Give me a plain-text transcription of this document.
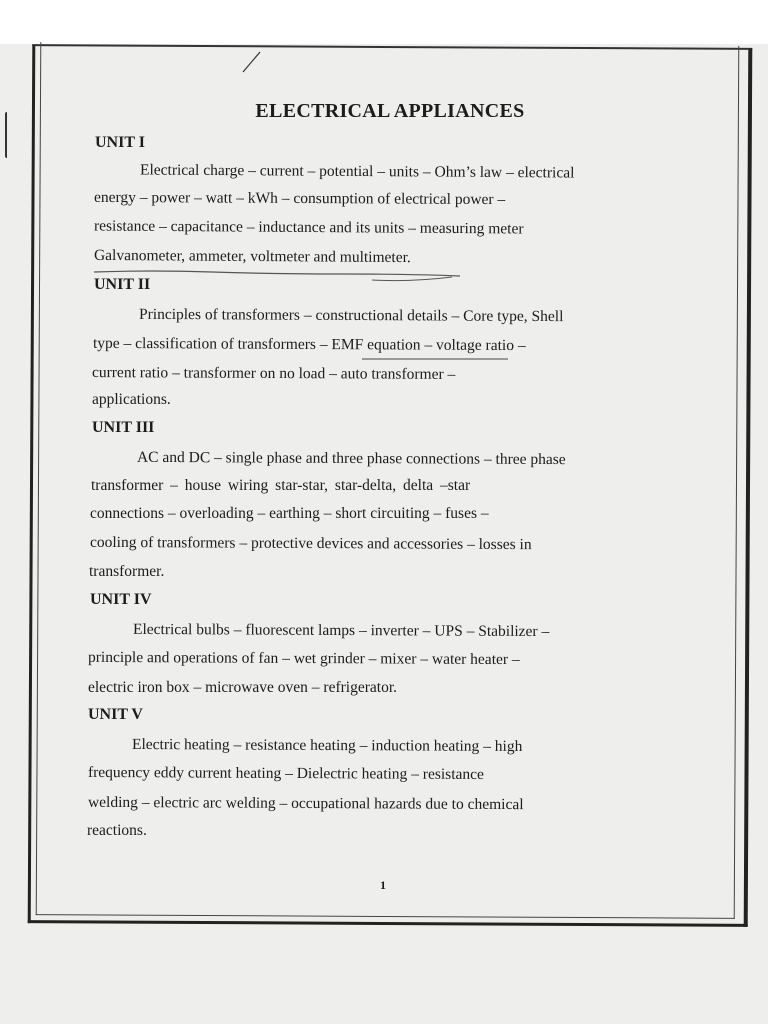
ELECTRICAL APPLIANCES
UNIT I
Electrical charge – current – potential – units – Ohm’s law – electrical
energy – power – watt – kWh – consumption of electrical power –
resistance – capacitance – inductance and its units – measuring meter
Galvanometer, ammeter, voltmeter and multimeter.
UNIT II
Principles of transformers – constructional details – Core type, Shell
type – classification of transformers – EMF equation – voltage ratio –
current ratio – transformer on no load – auto transformer –
applications.
UNIT III
AC and DC – single phase and three phase connections – three phase
transformer – house wiring star-star, star-delta, delta –star
connections – overloading – earthing – short circuiting – fuses –
cooling of transformers – protective devices and accessories – losses in
transformer.
UNIT IV
Electrical bulbs – fluorescent lamps – inverter – UPS – Stabilizer –
principle and operations of fan – wet grinder – mixer – water heater –
electric iron box – microwave oven – refrigerator.
UNIT V
Electric heating – resistance heating – induction heating – high
frequency eddy current heating – Dielectric heating – resistance
welding – electric arc welding – occupational hazards due to chemical
reactions.
1
